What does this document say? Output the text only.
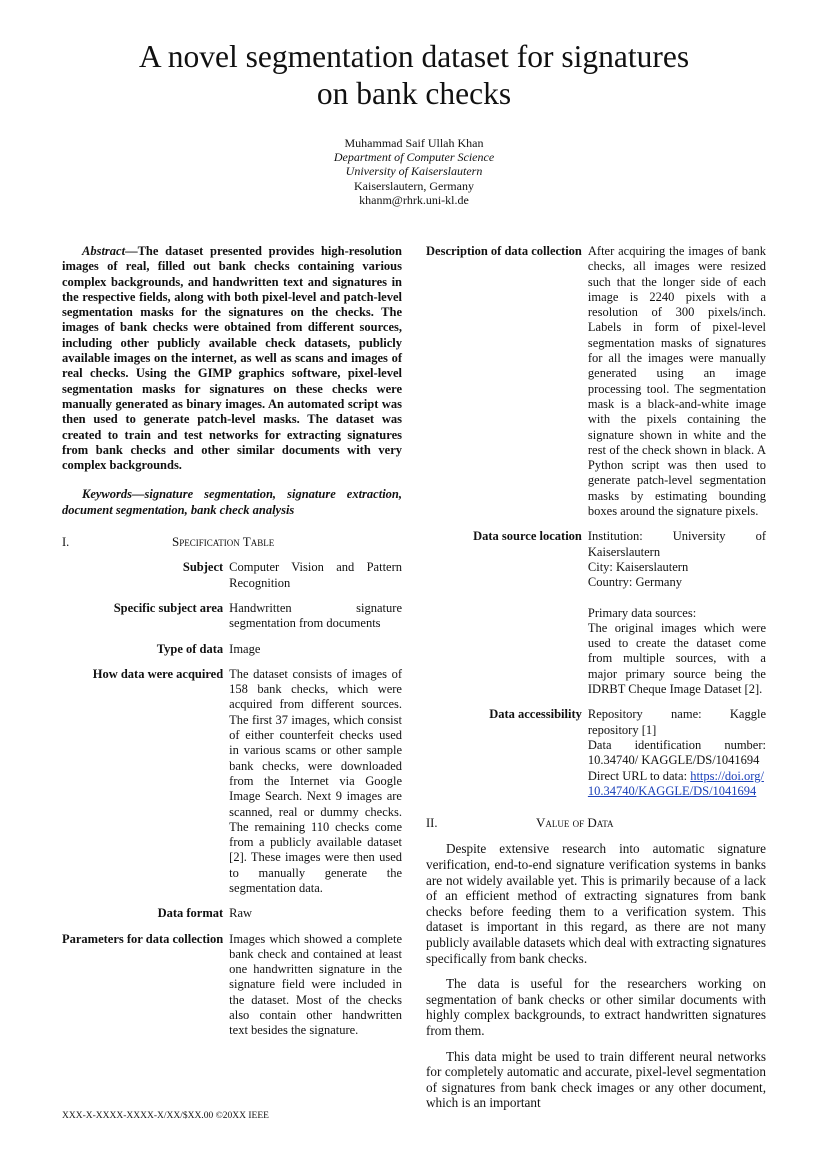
A novel segmentation dataset for signatures
on bank checks
Muhammad Saif Ullah Khan
Department of Computer Science
University of Kaiserslautern
Kaiserslautern, Germany
khanm@rhrk.uni-kl.de

Abstract—The dataset presented provides high-resolution images of real, filled out bank checks containing various complex backgrounds, and handwritten text and signatures in the respective fields, along with both pixel-level and patch-level segmentation masks for the signatures on the checks. The images of bank checks were obtained from different sources, including other publicly available check datasets, publicly available images on the internet, as well as scans and images of real checks. Using the GIMP graphics software, pixel-level segmentation masks for signatures on these checks were manually generated as binary images. An automated script was then used to generate patch-level masks. The dataset was created to train and test networks for extracting signatures from bank checks and other similar documents with very complex backgrounds.

Keywords—signature segmentation, signature extraction, document segmentation, bank check analysis

I.	Specification Table
Subject	Computer Vision and Pattern Recognition
Specific subject area	Handwritten signature segmentation from documents
Type of data	Image
How data were acquired	The dataset consists of images of 158 bank checks, which were acquired from different sources. The first 37 images, which consist of either counterfeit checks used in various scams or other sample bank checks, were downloaded from the Internet via Google Image Search. Next 9 images are scanned, real or dummy checks. The remaining 110 checks come from a publicly available dataset [2]. These images were then used to manually generate the segmentation data.
Data format	Raw
Parameters for data collection	Images which showed a complete bank check and contained at least one handwritten signature in the signature field were included in the dataset. Most of the checks also contain other handwritten text besides the signature.
Description of data collection	After acquiring the images of bank checks, all images were resized such that the longer side of each image is 2240 pixels with a resolution of 300 pixels/inch. Labels in form of pixel-level segmentation masks of signatures for all the images were manually generated using an image processing tool. The segmentation mask is a black-and-white image with the pixels containing the signature shown in white and the rest of the check shown in black. A Python script was then used to generate patch-level segmentation masks by estimating bounding boxes around the signature pixels.
Data source location	Institution: University of Kaiserslautern
City: Kaiserslautern
Country: Germany
Primary data sources:
The original images which were used to create the dataset come from multiple sources, with a major primary source being the IDRBT Cheque Image Dataset [2].

Data accessibility	Repository name: Kaggle repository [1]
Data identification number: 10.34740/ KAGGLE/DS/1041694
Direct URL to data: https://doi.org/
10.34740/KAGGLE/DS/1041694
II.	Value of Data

Despite extensive research into automatic signature verification, end-to-end signature verification systems in banks are not widely available yet. This is primarily because of a lack of an efficient method of extracting signatures from bank checks before feeding them to a verification system. This dataset is important in this regard, as there are not many publicly available datasets which deal with extracting signatures specifically from bank checks.

The data is useful for the researchers working on segmentation of bank checks or other similar documents with highly complex backgrounds, to extract handwritten signatures from them.

This data might be used to train different neural networks for completely automatic and accurate, pixel-level segmentation of signatures from bank check images or any other document, which is an important

XXX-X-XXXX-XXXX-X/XX/$XX.00 ©20XX IEEE
